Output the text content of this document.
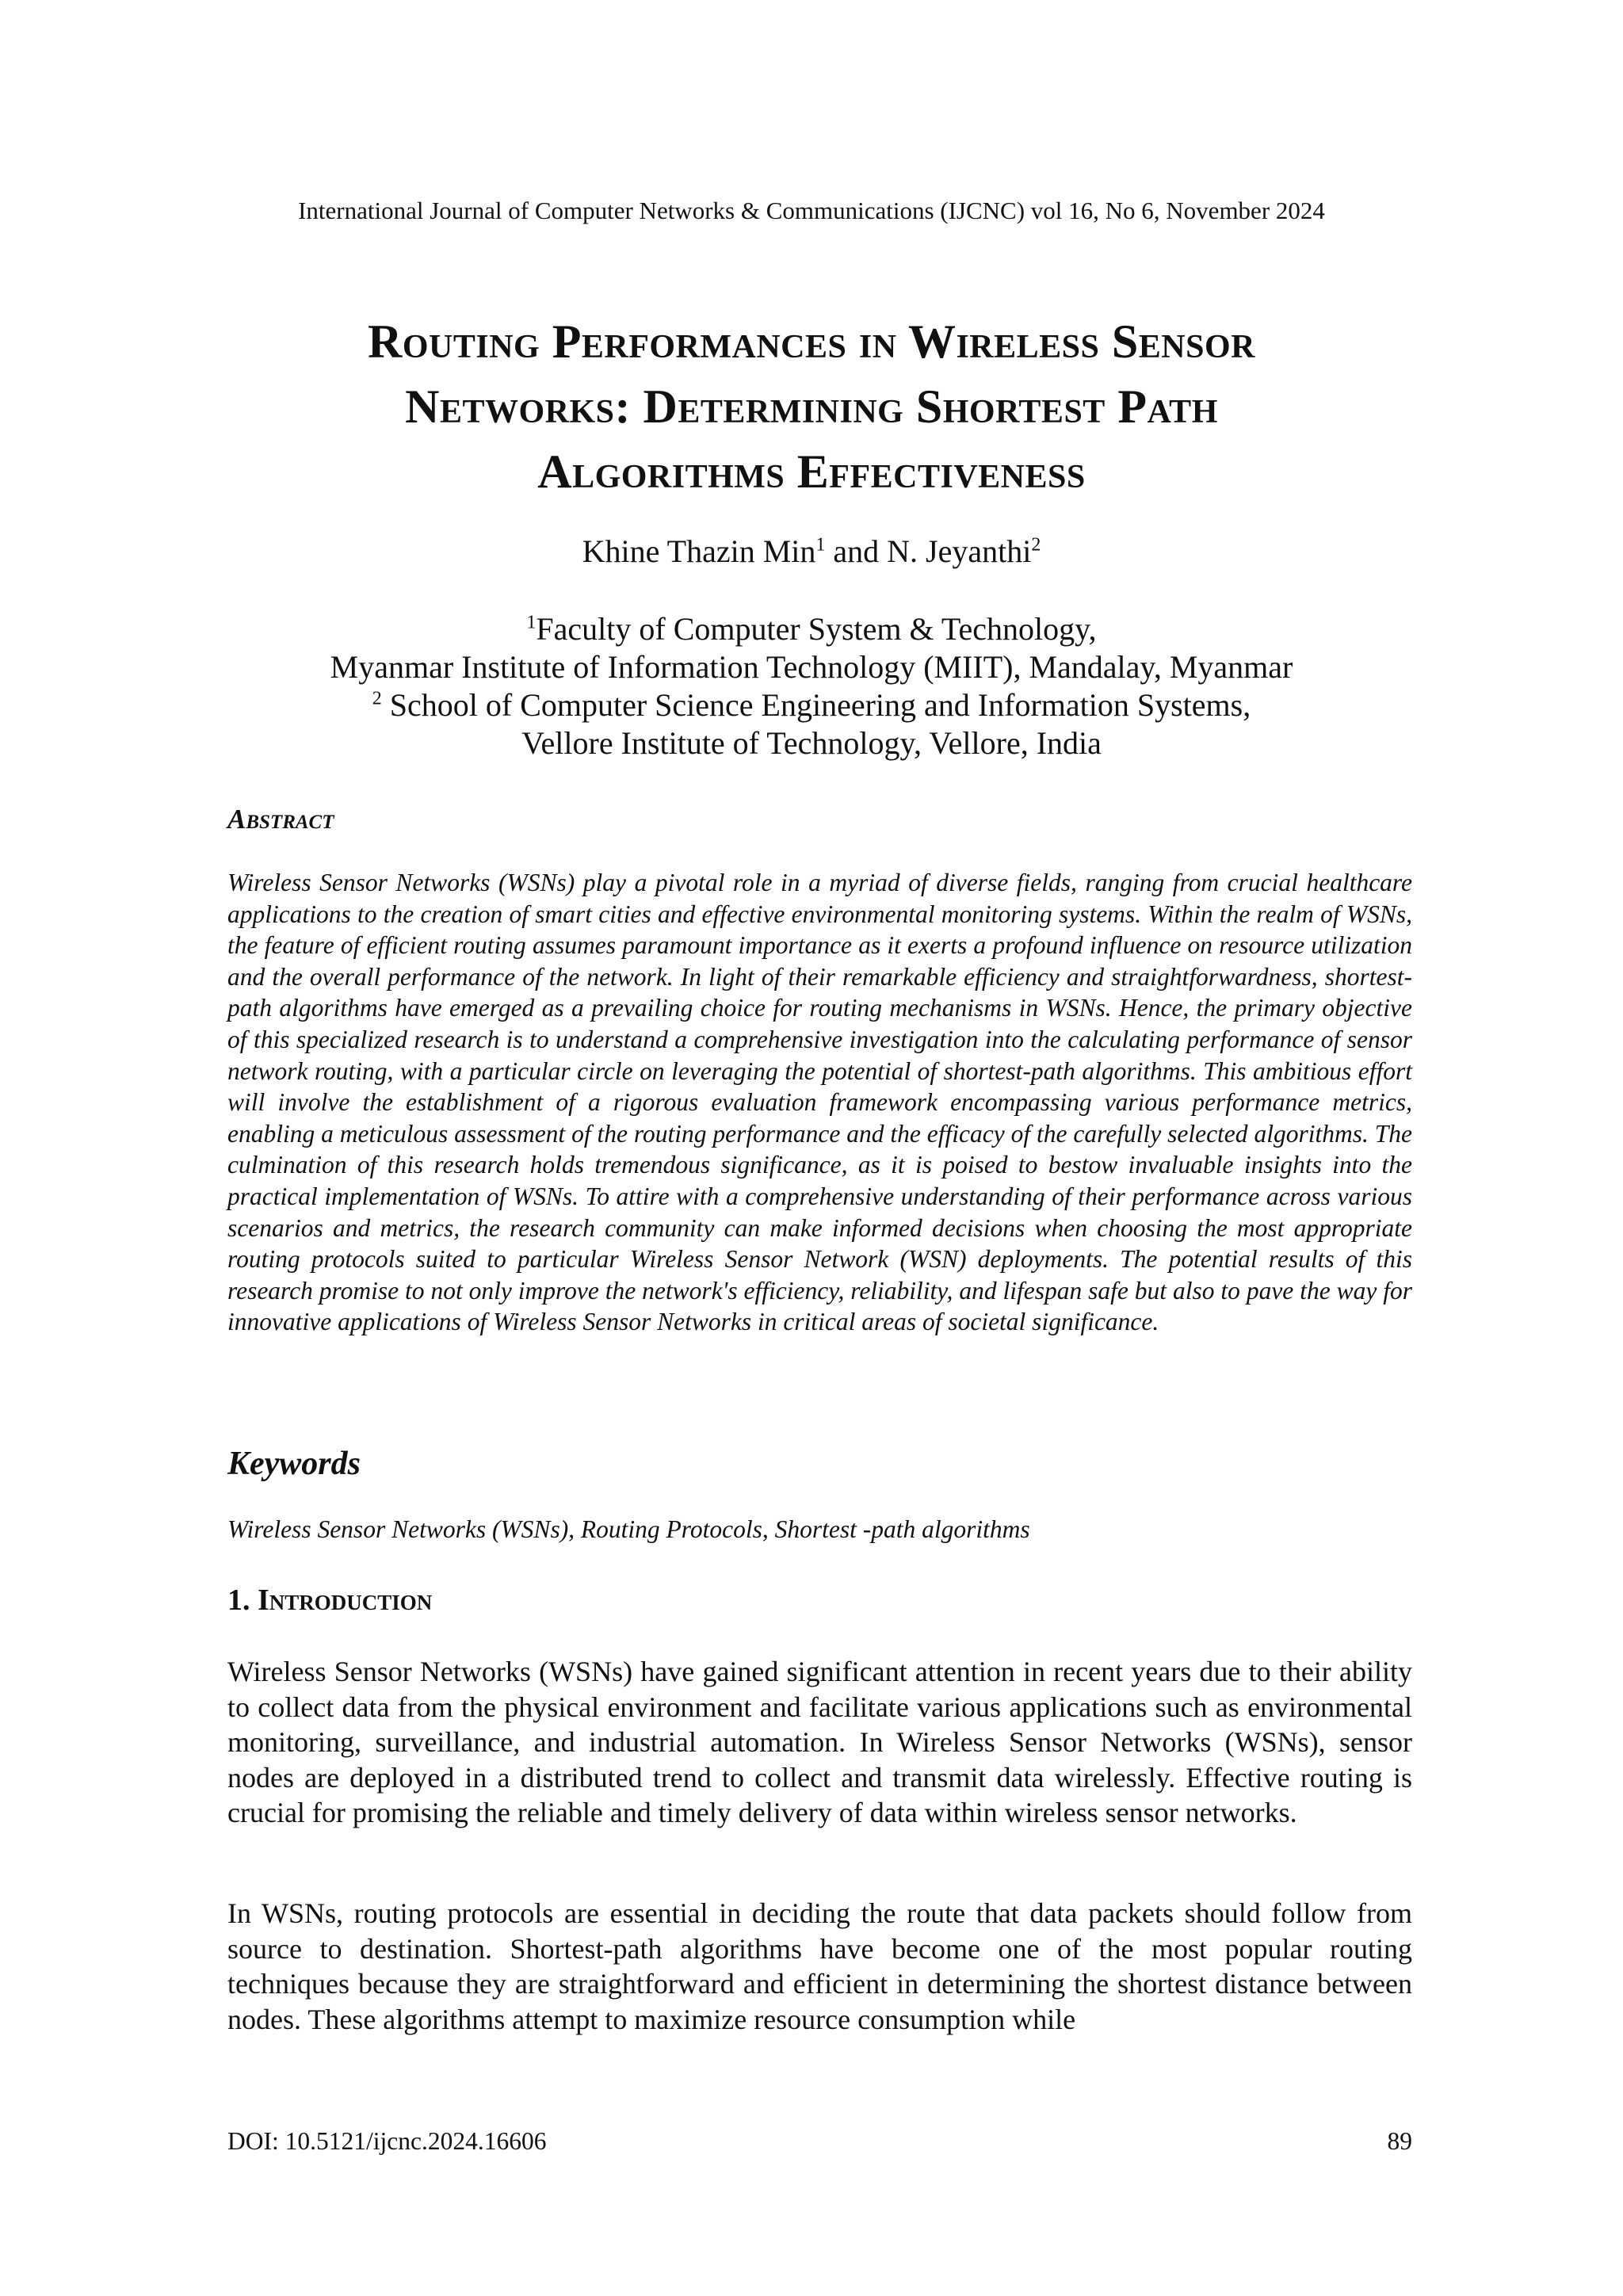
International Journal of Computer Networks & Communications (IJCNC) vol 16, No 6, November 2024
Routing Performances in Wireless Sensor
Networks: Determining Shortest Path
Algorithms Effectiveness
Khine Thazin Min$^1$ and N. Jeyanthi$^2$
$^1$Faculty of Computer System & Technology,
Myanmar Institute of Information Technology (MIIT), Mandalay, Myanmar
$^2$ School of Computer Science Engineering and Information Systems,
Vellore Institute of Technology, Vellore, India
Abstract
Wireless Sensor Networks (WSNs) play a pivotal role in a myriad of diverse fields, ranging from crucial healthcare applications to the creation of smart cities and effective environmental monitoring systems. Within the realm of WSNs, the feature of efficient routing assumes paramount importance as it exerts a profound influence on resource utilization and the overall performance of the network. In light of their remarkable efficiency and straightforwardness, shortest-path algorithms have emerged as a prevailing choice for routing mechanisms in WSNs. Hence, the primary objective of this specialized research is to understand a comprehensive investigation into the calculating performance of sensor network routing, with a particular circle on leveraging the potential of shortest-path algorithms. This ambitious effort will involve the establishment of a rigorous evaluation framework encompassing various performance metrics, enabling a meticulous assessment of the routing performance and the efficacy of the carefully selected algorithms. The culmination of this research holds tremendous significance, as it is poised to bestow invaluable insights into the practical implementation of WSNs. To attire with a comprehensive understanding of their performance across various scenarios and metrics, the research community can make informed decisions when choosing the most appropriate routing protocols suited to particular Wireless Sensor Network (WSN) deployments. The potential results of this research promise to not only improve the network's efficiency, reliability, and lifespan safe but also to pave the way for innovative applications of Wireless Sensor Networks in critical areas of societal significance.
Keywords
Wireless Sensor Networks (WSNs), Routing Protocols, Shortest -path algorithms
1. Introduction
Wireless Sensor Networks (WSNs) have gained significant attention in recent years due to their ability to collect data from the physical environment and facilitate various applications such as environmental monitoring, surveillance, and industrial automation. In Wireless Sensor Networks (WSNs), sensor nodes are deployed in a distributed trend to collect and transmit data wirelessly. Effective routing is crucial for promising the reliable and timely delivery of data within wireless sensor networks.
In WSNs, routing protocols are essential in deciding the route that data packets should follow from source to destination. Shortest-path algorithms have become one of the most popular routing techniques because they are straightforward and efficient in determining the shortest distance between nodes. These algorithms attempt to maximize resource consumption while
DOI: 10.5121/ijcnc.2024.16606	89
